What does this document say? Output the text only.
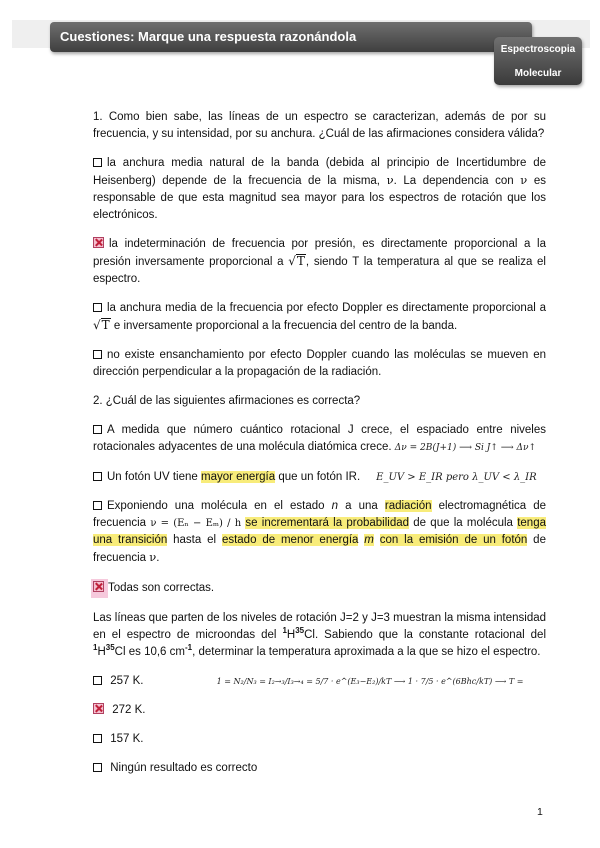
Cuestiones: Marque una respuesta razonándola
Espectroscopia
Molecular

1. Como bien sabe, las líneas de un espectro se caracterizan, además de por su frecuencia, y su intensidad, por su anchura. ¿Cuál de las afirmaciones considera válida?

la anchura media natural de la banda (debida al principio de Incertidumbre de Heisenberg) depende de la frecuencia de la misma, ν. La dependencia con ν es responsable de que esta magnitud sea mayor para los espectros de rotación que los electrónicos.

la indeterminación de frecuencia por presión, es directamente proporcional a la presión inversamente proporcional a √T, siendo T la temperatura al que se realiza el espectro.

la anchura media de la frecuencia por efecto Doppler es directamente proporcional a √T e inversamente proporcional a la frecuencia del centro de la banda.

no existe ensanchamiento por efecto Doppler cuando las moléculas se mueven en dirección perpendicular a la propagación de la radiación.

2. ¿Cuál de las siguientes afirmaciones es correcta?

A medida que número cuántico rotacional J crece, el espaciado entre niveles rotacionales adyacentes de una molécula diatómica crece. Δν = 2B(J+1) ⟶ Si J↑ ⟶ Δν↑

Un fotón UV tiene mayor energía que un fotón IR. E_UV > E_IR pero λ_UV < λ_IR

Exponiendo una molécula en el estado n a una radiación electromagnética de frecuencia ν = (Eₙ − Eₘ) / h se incrementará la probabilidad de que la molécula tenga una transición hasta el estado de menor energía m con la emisión de un fotón de frecuencia ν.

Todas son correctas.

Las líneas que parten de los niveles de rotación J=2 y J=3 muestran la misma intensidad en el espectro de microondas del $^1H^{35}Cl$. Sabiendo que la constante rotacional del $^1H^{35}Cl$ es 10,6 $cm^{-1}$, determinar la temperatura aproximada a la que se hizo el espectro.

257 K.	1 = N₂/N₃ = I₂→₃/I₃→₄ = 5/7 · e^(E₃−E₂)/kT ⟶ 1 · 7/5 · e^(6Bhc/kT) ⟶ T =
272 K.
157 K.
Ningún resultado es correcto
1
